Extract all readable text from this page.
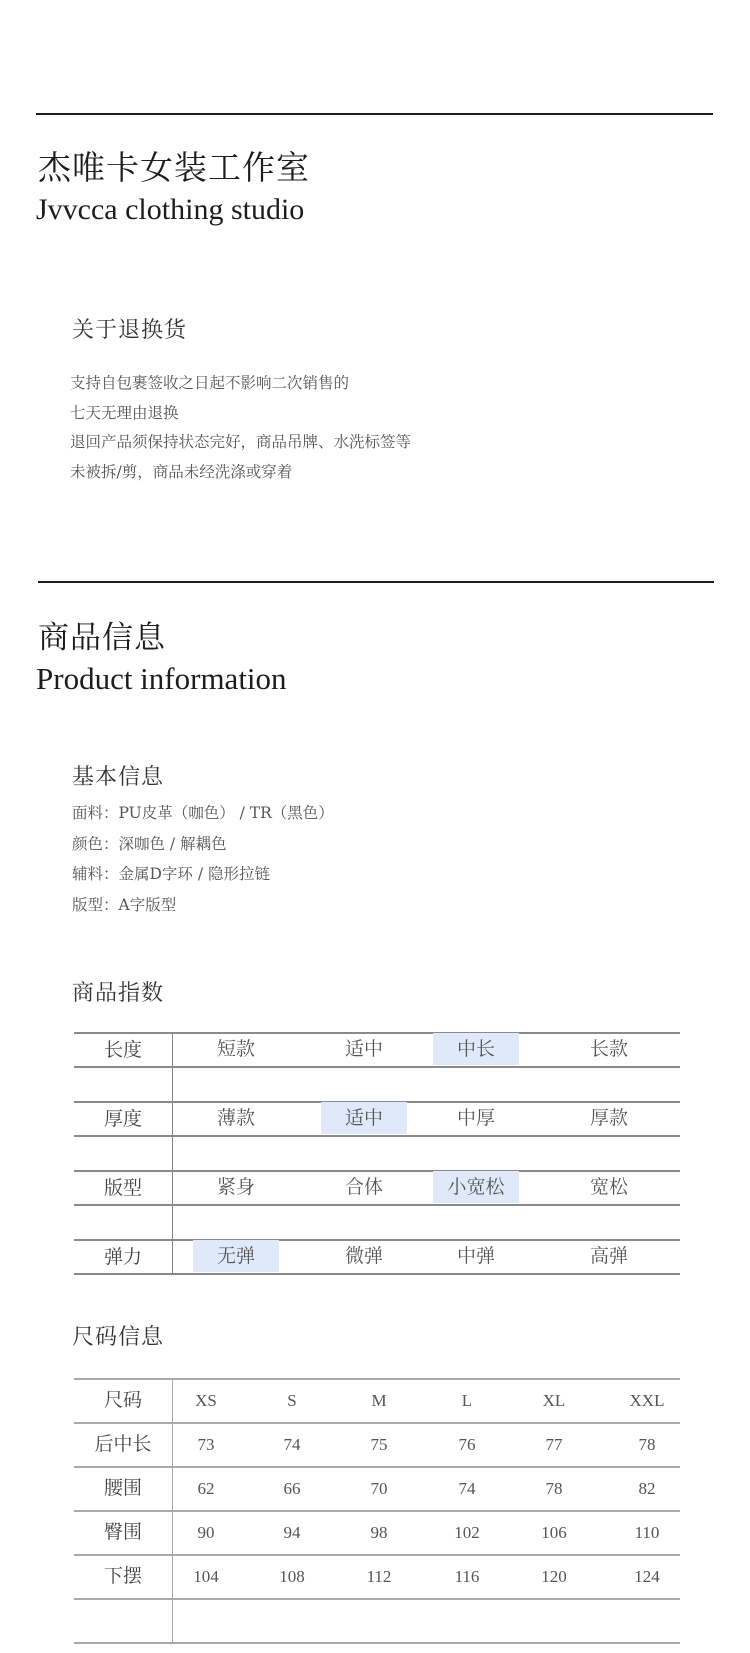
杰唯卡女装工作室
Jvvcca clothing studio
关于退换货
支持自包裹签收之日起不影响二次销售的
七天无理由退换
退回产品须保持状态完好，商品吊牌、水洗标签等
未被拆/剪，商品未经洗涤或穿着
商品信息
Product information
基本信息
面料：PU皮革（咖色） / TR（黑色）
颜色：深咖色 / 解耦色
辅料：金属D字环 / 隐形拉链
版型：A字版型
商品指数
长度	短款	适中	中长	长款
厚度	薄款	适中	中厚	厚款
版型	紧身	合体	小宽松	宽松
弹力	无弹	微弹	中弹	高弹
尺码信息
尺码	XS	S	M	L	XL	XXL
后中长	73	74	75	76	77	78
腰围	62	66	70	74	78	82
臀围	90	94	98	102	106	110
下摆	104	108	112	116	120	124
